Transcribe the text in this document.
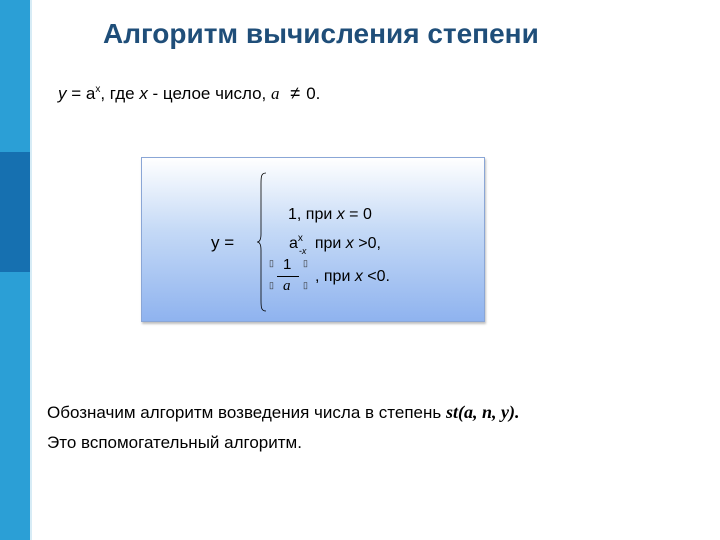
Алгоритм вычисления степени
$y = a^x$, где x - целое число, a ≠ 0.
y =
1, при x = 0
$a^x_{-x}$ при x >0,
▯
▯
▯
▯
1
a
, при x <0.
Обозначим алгоритм возведения числа в степень st(a, n, y).
Это вспомогательный алгоритм.
